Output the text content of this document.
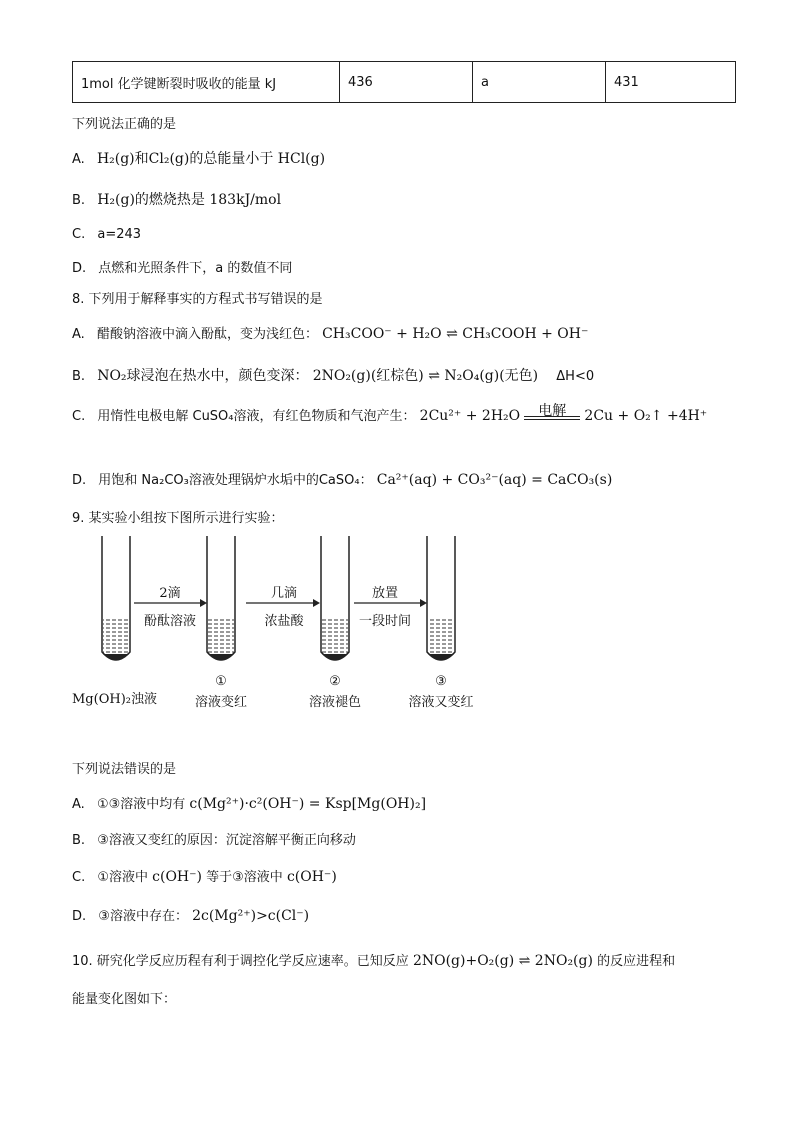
1mol 化学键断裂时吸收的能量 kJ	436	a	431
下列说法正确的是
A. H₂(g)和Cl₂(g)的总能量小于 HCl(g)
B. H₂(g)的燃烧热是 183kJ/mol
C. a=243
D. 点燃和光照条件下，a 的数值不同
8. 下列用于解释事实的方程式书写错误的是
A. 醋酸钠溶液中滴入酚酞，变为浅红色： CH₃COO⁻ + H₂O ⇌ CH₃COOH + OH⁻
B. NO₂球浸泡在热水中，颜色变深： 2NO₂(g)(红棕色) ⇌ N₂O₄(g)(无色) ΔH<0
C. 用惰性电极电解 CuSO₄溶液，有红色物质和气泡产生： 2Cu²⁺ + 2H₂O	电解	2Cu + O₂↑ +4H⁺
D. 用饱和 Na₂CO₃溶液处理锅炉水垢中的CaSO₄： Ca²⁺(aq) + CO₃²⁻(aq) = CaCO₃(s)
9. 某实验小组按下图所示进行实验：
2滴
酚酞溶液
几滴
浓盐酸
放置
一段时间
Mg(OH)₂浊液
①
溶液变红
②
溶液褪色
③
溶液又变红
下列说法错误的是
A. ①③溶液中均有 c(Mg²⁺)·c²(OH⁻) = Ksp[Mg(OH)₂]
B. ③溶液又变红的原因：沉淀溶解平衡正向移动
C. ①溶液中 c(OH⁻) 等于③溶液中 c(OH⁻)
D. ③溶液中存在： 2c(Mg²⁺)>c(Cl⁻)
10. 研究化学反应历程有利于调控化学反应速率。已知反应 2NO(g)+O₂(g) ⇌ 2NO₂(g) 的反应进程和
能量变化图如下：
